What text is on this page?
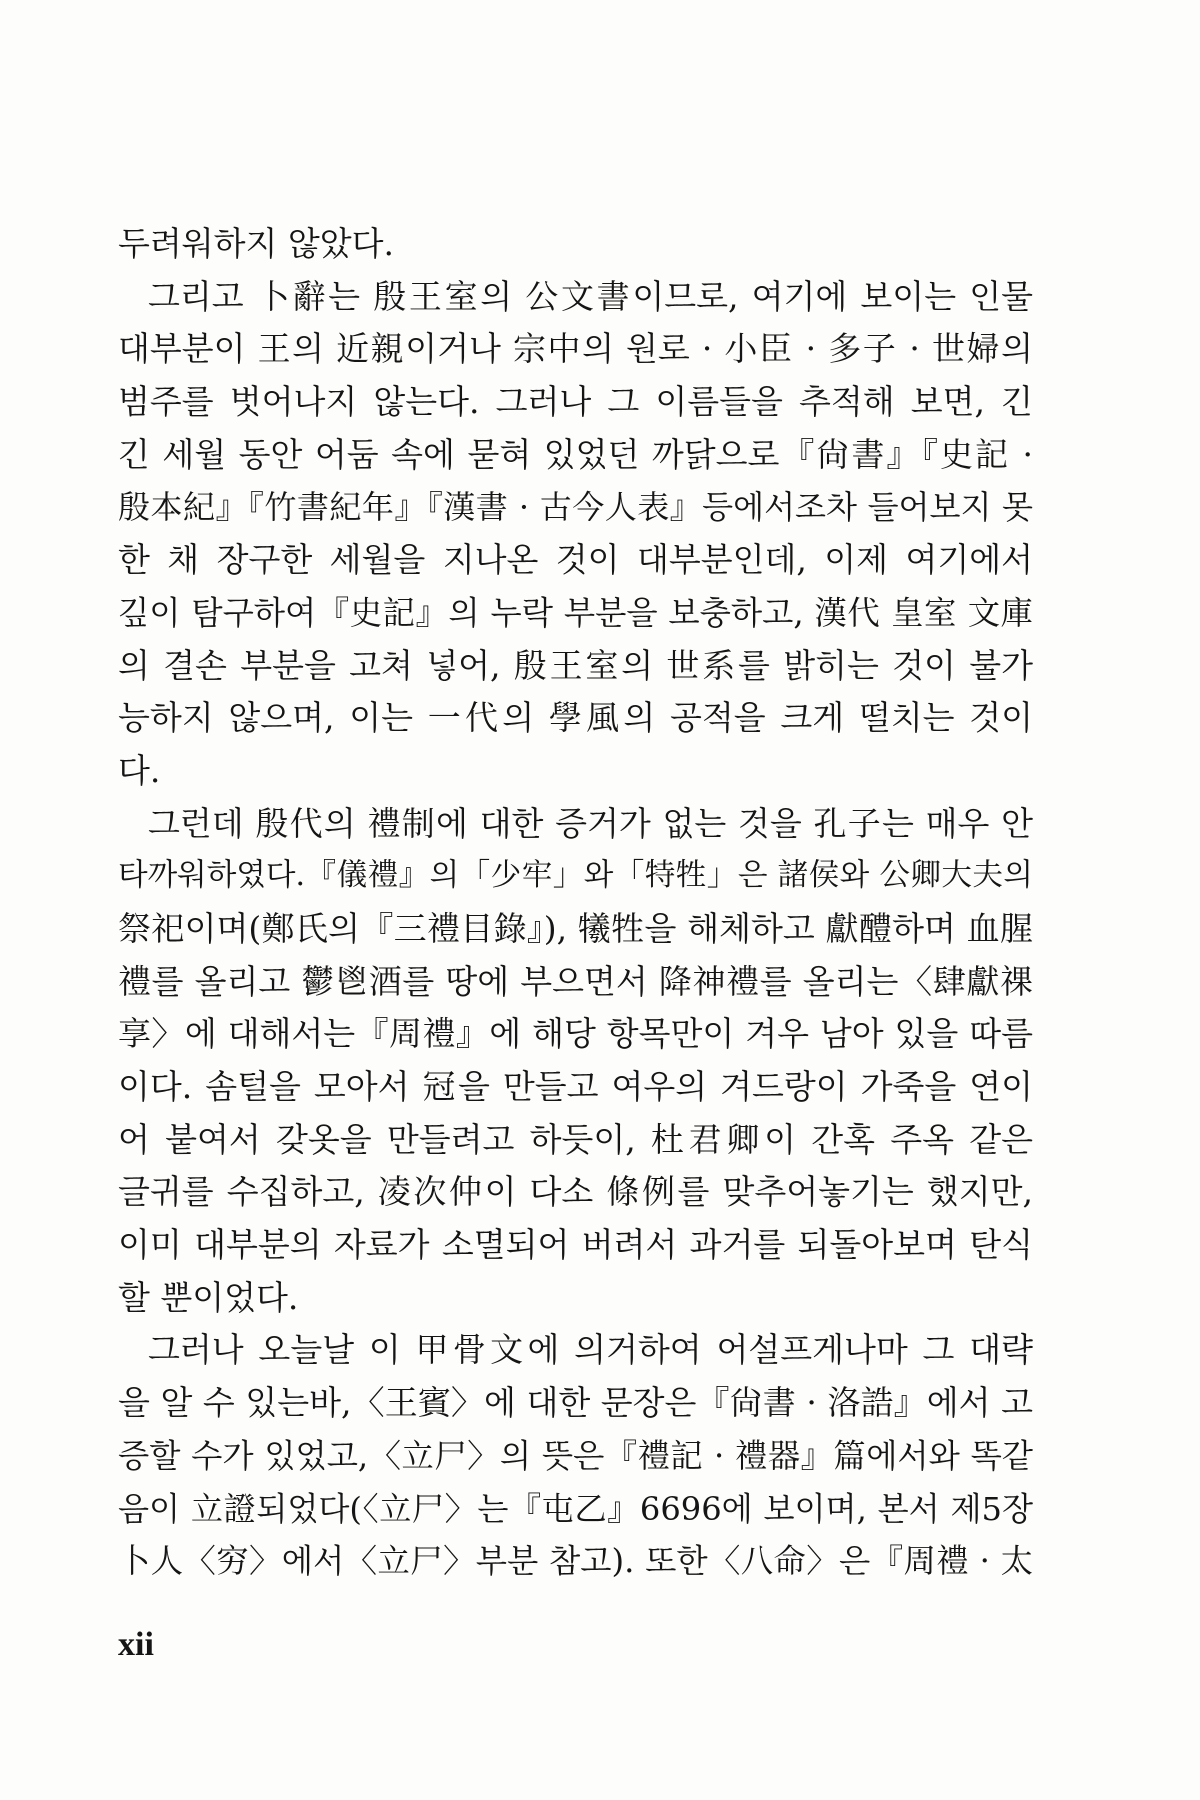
두려워하지 않았다.
그리고 卜辭는 殷王室의 公文書이므로, 여기에 보이는 인물
대부분이 王의 近親이거나 宗中의 원로 · 小臣 · 多子 · 世婦의
범주를 벗어나지 않는다. 그러나 그 이름들을 추적해 보면, 긴
긴 세월 동안 어둠 속에 묻혀 있었던 까닭으로『尙書』『史記 ·
殷本紀』『竹書紀年』『漢書 · 古今人表』등에서조차 들어보지 못
한 채 장구한 세월을 지나온 것이 대부분인데, 이제 여기에서
깊이 탐구하여『史記』의 누락 부분을 보충하고, 漢代 皇室 文庫
의 결손 부분을 고쳐 넣어, 殷王室의 世系를 밝히는 것이 불가
능하지 않으며, 이는 一代의 學風의 공적을 크게 떨치는 것이
다.
그런데 殷代의 禮制에 대한 증거가 없는 것을 孔子는 매우 안
타까워하였다.『儀禮』의「少牢」와「特牲」은 諸侯와 公卿大夫의
祭祀이며(鄭氏의『三禮目錄』), 犧牲을 해체하고 獻醴하며 血腥
禮를 올리고 鬱鬯酒를 땅에 부으면서 降神禮를 올리는〈肆獻祼
享〉에 대해서는『周禮』에 해당 항목만이 겨우 남아 있을 따름
이다. 솜털을 모아서 冠을 만들고 여우의 겨드랑이 가죽을 연이
어 붙여서 갖옷을 만들려고 하듯이, 杜君卿이 간혹 주옥 같은
글귀를 수집하고, 凌次仲이 다소 條例를 맞추어놓기는 했지만,
이미 대부분의 자료가 소멸되어 버려서 과거를 되돌아보며 탄식
할 뿐이었다.
그러나 오늘날 이 甲骨文에 의거하여 어설프게나마 그 대략
을 알 수 있는바,〈王賓〉에 대한 문장은『尙書 · 洛誥』에서 고
증할 수가 있었고,〈立尸〉의 뜻은『禮記 · 禮器』篇에서와 똑같
음이 立證되었다(〈立尸〉는『屯乙』6696에 보이며, 본서 제5장
卜人〈穷〉에서〈立尸〉부분 참고). 또한〈八命〉은『周禮 · 太
xii
